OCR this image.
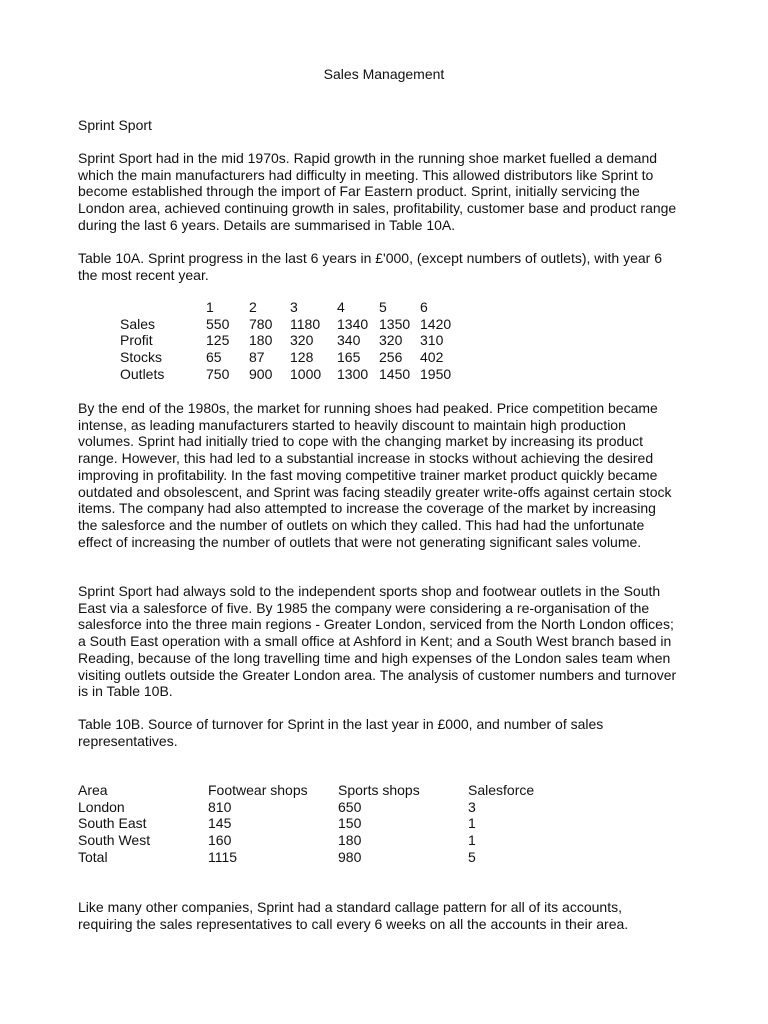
Sales Management
Sprint Sport

Sprint Sport had in the mid 1970s. Rapid growth in the running shoe market fuelled a demand which the main manufacturers had difficulty in meeting. This allowed distributors like Sprint to become established through the import of Far Eastern product. Sprint, initially servicing the London area, achieved continuing growth in sales, profitability, customer base and product range during the last 6 years. Details are summarised in Table 10A.

Table 10A. Sprint progress in the last 6 years in £'000, (except numbers of outlets), with year 6 the most recent year.

	1	2	3	4	5	6
Sales	550	780	1180	1340	1350	1420
Profit	125	180	320	340	320	310
Stocks	65	87	128	165	256	402
Outlets	750	900	1000	1300	1450	1950

By the end of the 1980s, the market for running shoes had peaked. Price competition became intense, as leading manufacturers started to heavily discount to maintain high production volumes. Sprint had initially tried to cope with the changing market by increasing its product range. However, this had led to a substantial increase in stocks without achieving the desired improving in profitability. In the fast moving competitive trainer market product quickly became outdated and obsolescent, and Sprint was facing steadily greater write-offs against certain stock items. The company had also attempted to increase the coverage of the market by increasing the salesforce and the number of outlets on which they called. This had had the unfortunate effect of increasing the number of outlets that were not generating significant sales volume.

Sprint Sport had always sold to the independent sports shop and footwear outlets in the South East via a salesforce of five. By 1985 the company were considering a re-organisation of the salesforce into the three main regions - Greater London, serviced from the North London offices; a South East operation with a small office at Ashford in Kent; and a South West branch based in Reading, because of the long travelling time and high expenses of the London sales team when visiting outlets outside the Greater London area. The analysis of customer numbers and turnover is in Table 10B.

Table 10B. Source of turnover for Sprint in the last year in £000, and number of sales representatives.

Area	Footwear shops	Sports shops	Salesforce
London	810	650	3
South East	145	150	1
South West	160	180	1
Total	1115	980	5

Like many other companies, Sprint had a standard callage pattern for all of its accounts, requiring the sales representatives to call every 6 weeks on all the accounts in their area.
